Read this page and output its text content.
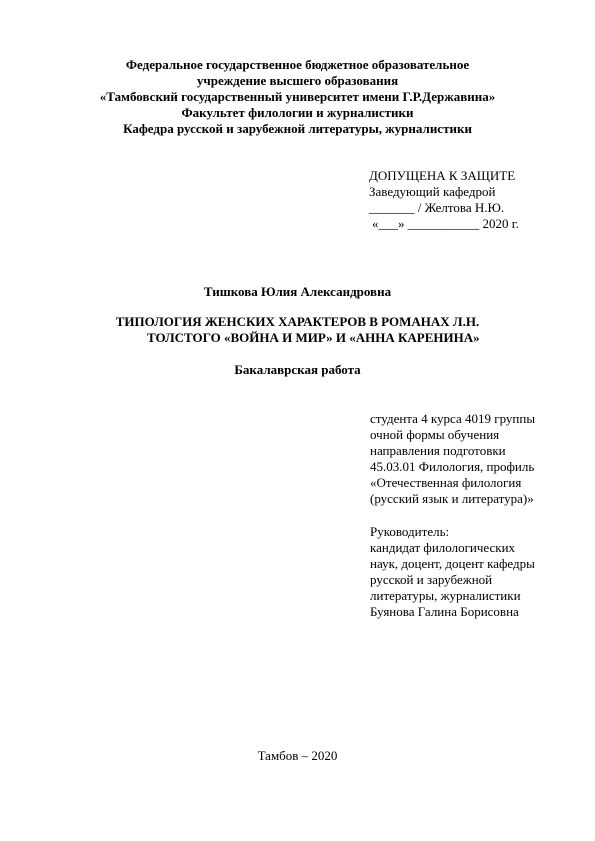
Федеральное государственное бюджетное образовательное
учреждение высшего образования
«Тамбовский государственный университет имени Г.Р.Державина»
Факультет филологии и журналистики
Кафедра русской и зарубежной литературы, журналистики
ДОПУЩЕНА К ЗАЩИТЕ
Заведующий кафедрой
_______ / Желтова Н.Ю.
«___» ___________ 2020 г.
Тишкова Юлия Александровна
ТИПОЛОГИЯ ЖЕНСКИХ ХАРАКТЕРОВ В РОМАНАХ Л.Н.
ТОЛСТОГО «ВОЙНА И МИР» И «АННА КАРЕНИНА»
Бакалаврская работа
студента 4 курса 4019 группы
очной формы обучения
направления подготовки
45.03.01 Филология, профиль
«Отечественная филология
(русский язык и литература)»
Руководитель:
кандидат филологических
наук, доцент, доцент кафедры
русской и зарубежной
литературы, журналистики
Буянова Галина Борисовна
Тамбов – 2020
